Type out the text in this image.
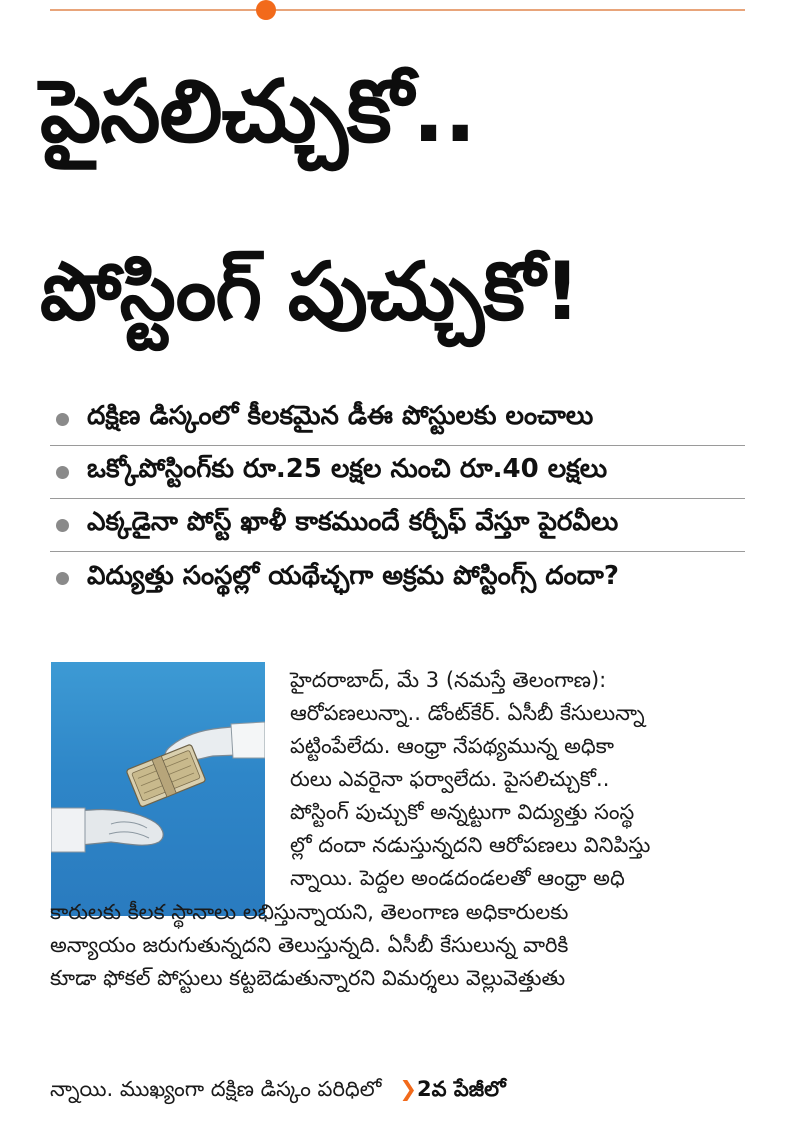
పైసలిచ్చుకో..
పోస్టింగ్ పుచ్చుకో!
దక్షిణ డిస్కంలో కీలకమైన డీఈ పోస్టులకు లంచాలు
ఒక్కోపోస్టింగ్‌కు రూ.25 లక్షల నుంచి రూ.40 లక్షలు
ఎక్కడైనా పోస్ట్ ఖాళీ కాకముందే కర్చీఫ్ వేస్తూ పైరవీలు
విద్యుత్తు సంస్థల్లో యథేచ్ఛగా అక్రమ పోస్టింగ్స్ దందా?
హైదరాబాద్, మే 3 (నమస్తే తెలంగాణ):
ఆరోపణలున్నా.. డోంట్‌కేర్. ఏసీబీ కేసులున్నా
పట్టింపేలేదు. ఆంధ్రా నేపథ్యమున్న అధికా
రులు ఎవరైనా ఫర్వాలేదు. పైసలిచ్చుకో..
పోస్టింగ్ పుచ్చుకో అన్నట్టుగా విద్యుత్తు సంస్థ
ల్లో దందా నడుస్తున్నదని ఆరోపణలు వినిపిస్తు
న్నాయి. పెద్దల అండదండలతో ఆంధ్రా అధి
కారులకు కీలక స్థానాలు లభిస్తున్నాయని, తెలంగాణ అధికారులకు
అన్యాయం జరుగుతున్నదని తెలుస్తున్నది. ఏసీబీ కేసులున్న వారికి
కూడా ఫోకల్ పోస్టులు కట్టబెడుతున్నారని విమర్శలు వెల్లువెత్తుతు
న్నాయి. ముఖ్యంగా దక్షిణ డిస్కం పరిధిలో ❯2వ పేజీలో
